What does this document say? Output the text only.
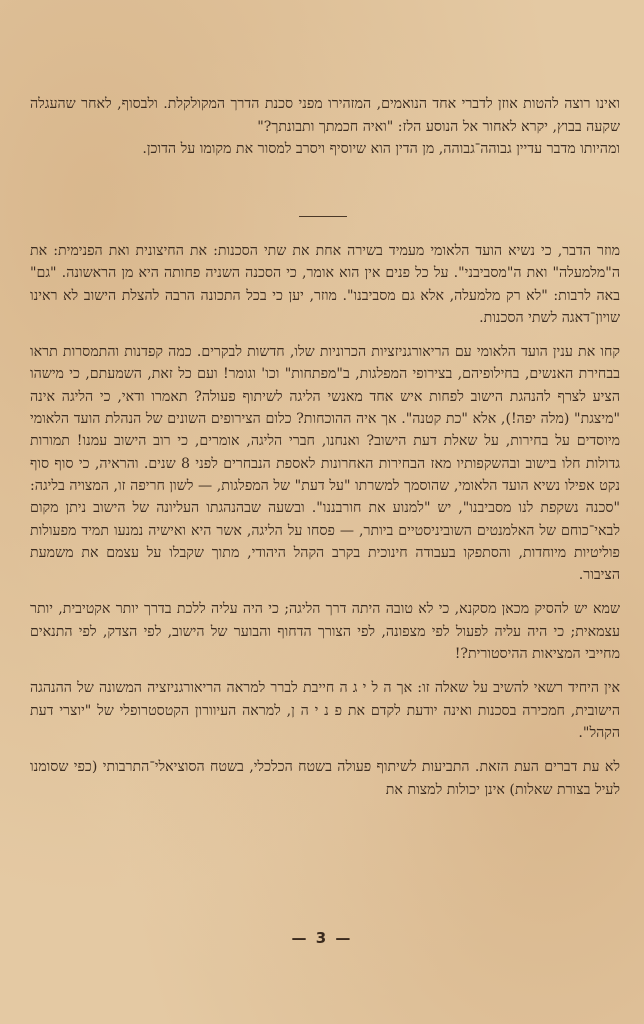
ואינו רוצה להטות אוזן לדברי אחד הנואמים, המזהירו מפני סכנת הדרך המקולקלת. ולבסוף, לאחר שהעגלה שקעה בבוץ, יקרא לאחור אל הנוסע הלז: "ואיה חכמתך ותבונתך?"

ומהיותו מדבר עדיין גבוהה־גבוהה, מן הדין הוא שיוסיף ויסרב למסור את מקומו על הדוכן.

מוזר הדבר, כי נשיא הועד הלאומי מעמיד בשירה אחת את שתי הסכנות: את החיצונית ואת הפנימית: את ה"מלמעלה" ואת ה"מסביבני". על כל פנים אין הוא אומר, כי הסכנה השניה פחותה היא מן הראשונה. "גם" באה לרבות: "לא רק מלמעלה, אלא גם מסביבנו". מוזר, יען כי בכל התכונה הרבה להצלת הישוב לא ראינו שויון־דאגה לשתי הסכנות.

קחו את ענין הועד הלאומי עם הריאורגניזציות הכרוניות שלו, חדשות לבקרים. כמה קפדנות והתמסרות תראו בבחירת האנשים, בחילופיהם, בצירופי המפלגות, ב"מפתחות" וכו' וגומר! ועם כל זאת, השמעתם, כי מישהו הציע לצרף להנהגת הישוב לפחות איש אחד מאנשי הליגה לשיתוף פעולה? תאמרו ודאי, כי הליגה אינה "מיצגת" (מלה יפה!), אלא "כת קטנה". אך איה ההוכחות? כלום הצירופים השונים של הנהלת הועד הלאומי מיוסדים על בחירות, על שאלת דעת הישוב? ואנחנו, חברי הליגה, אומרים, כי רוב הישוב עמנו! תמורות גדולות חלו בישוב ובהשקפותיו מאז הבחירות האחרונות לאספת הנבחרים לפני 8 שנים. והראיה, כי סוף סוף נקט אפילו נשיא הועד הלאומי, שהוסמך למשרתו "על דעת" של המפלגות, — לשון חריפה זו, המצויה בליגה: "סכנה נשקפת לנו מסביבנו", יש "למנוע את חורבננו". ובשעה שבהנהגתו העליונה של הישוב ניתן מקום לבאי־כוחם של האלמנטים השוביניסטיים ביותר, — פסחו על הליגה, אשר היא ואישיה נמנעו תמיד מפעולות פוליטיות מיוחדות, והסתפקו בעבודה חינוכית בקרב הקהל היהודי, מתוך שקבלו על עצמם את משמעת הציבור.

שמא יש להסיק מכאן מסקנא, כי לא טובה היתה דרך הליגה; כי היה עליה ללכת בדרך יותר אקטיבית, יותר עצמאית; כי היה עליה לפעול לפי מצפונה, לפי הצורך הדחוף והבוער של הישוב, לפי הצדק, לפי התנאים מחייבי המציאות ההיסטורית?!

אין היחיד רשאי להשיב על שאלה זו: אך ה ל י ג ה חייבת לברר למראה הריאורגניזציה המשונה של ההנהגה הישובית, חמכירה בסכנות ואינה יודעת לקדם את פ נ י ה ן, למראה העיוורון הקטסטרופלי של "יוצרי דעת הקהל".

לא עת דברים העת הזאת. התביעות לשיתוף פעולה בשטח הכלכלי, בשטח הסוציאלי־התרבותי (כפי שסומנו לעיל בצורת שאלות) אינן יכולות למצות את

— 3 —
